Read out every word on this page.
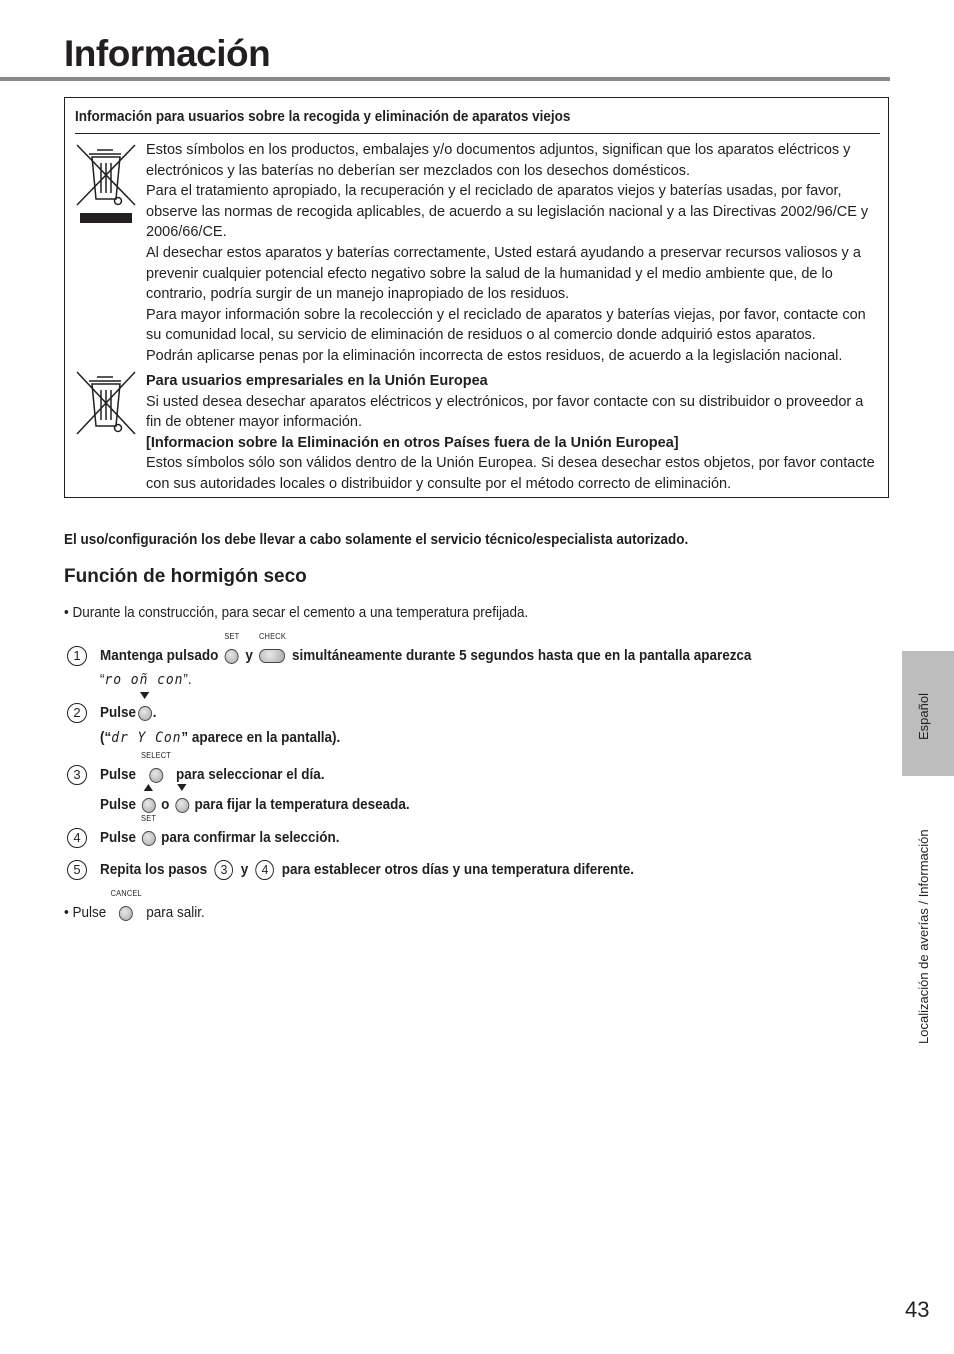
Información
Información para usuarios sobre la recogida y eliminación de aparatos viejos

Estos símbolos en los productos, embalajes y/o documentos adjuntos, significan que los aparatos eléctricos y electrónicos y las baterías no deberían ser mezclados con los desechos domésticos.

Para el tratamiento apropiado, la recuperación y el reciclado de aparatos viejos y baterías usadas, por favor, observe las normas de recogida aplicables, de acuerdo a su legislación nacional y a las Directivas 2002/96/CE y 2006/66/CE.

Al desechar estos aparatos y baterías correctamente, Usted estará ayudando a preservar recursos valiosos y a prevenir cualquier potencial efecto negativo sobre la salud de la humanidad y el medio ambiente que, de lo contrario, podría surgir de un manejo inapropiado de los residuos.

Para mayor información sobre la recolección y el reciclado de aparatos y baterías viejas, por favor, contacte con su comunidad local, su servicio de eliminación de residuos o al comercio donde adquirió estos aparatos.

Podrán aplicarse penas por la eliminación incorrecta de estos residuos, de acuerdo a la legislación nacional.

Para usuarios empresariales en la Unión Europea

Si usted desea desechar aparatos eléctricos y electrónicos, por favor contacte con su distribuidor o proveedor a fin de obtener mayor información.

[Informacion sobre la Eliminación en otros Países fuera de la Unión Europea]

Estos símbolos sólo son válidos dentro de la Unión Europea. Si desea desechar estos objetos, por favor contacte con sus autoridades locales o distribuidor y consulte por el método correcto de eliminación.

El uso/configuración los debe llevar a cabo solamente el servicio técnico/especialista autorizado.
Función de hormigón seco
• Durante la construcción, para secar el cemento a una temperatura prefijada.
1	Mantenga pulsado
SET
y
CHECK
simultáneamente durante 5 segundos hasta que en la pantalla aparezca
“ro oñ con”.
2	Pulse .
(“dr Y Con” aparece en la pantalla).
3	Pulse
SELECT
para seleccionar el día.
Pulse o para fijar la temperatura deseada.
4	Pulse
SET
para confirmar la selección.
5	Repita los pasos 3 y 4 para establecer otros días y una temperatura diferente.
• Pulse
CANCEL
para salir.
Español
Localización de averías / Información
43
